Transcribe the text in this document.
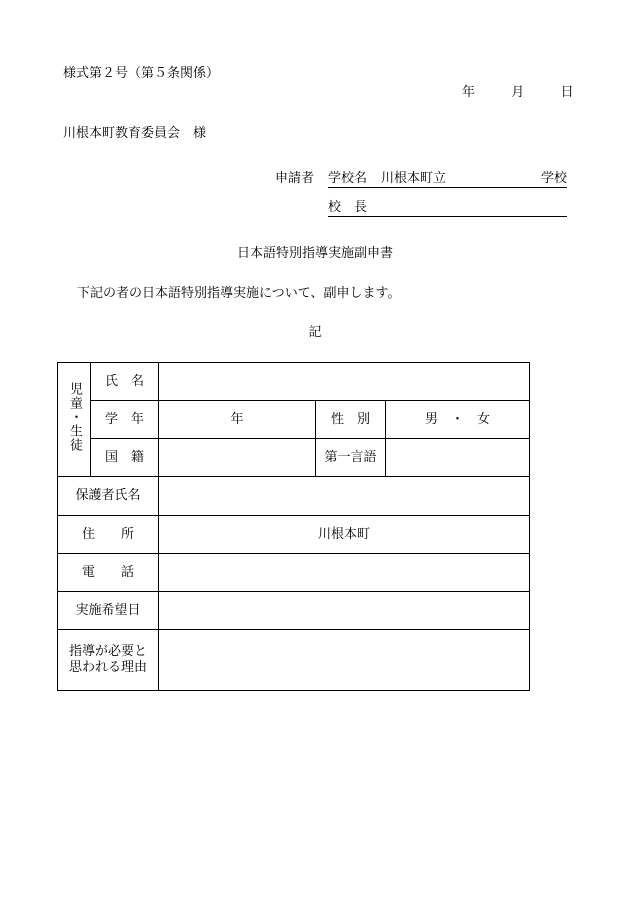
様式第２号（第５条関係）
年	月	日
川根本町教育委員会　様
申請者 学校名 川根本町立	学校
校　長
日本語特別指導実施副申書
下記の者の日本語特別指導実施について、副申します。
記
児童・生徒	氏　名			
	学　年	年	性　別	男　・　女
	国　籍		第一言語	
保護者氏名				
住　　所		川根本町		
電　　話				
実施希望日				

指導が必要と
思われる理由				
